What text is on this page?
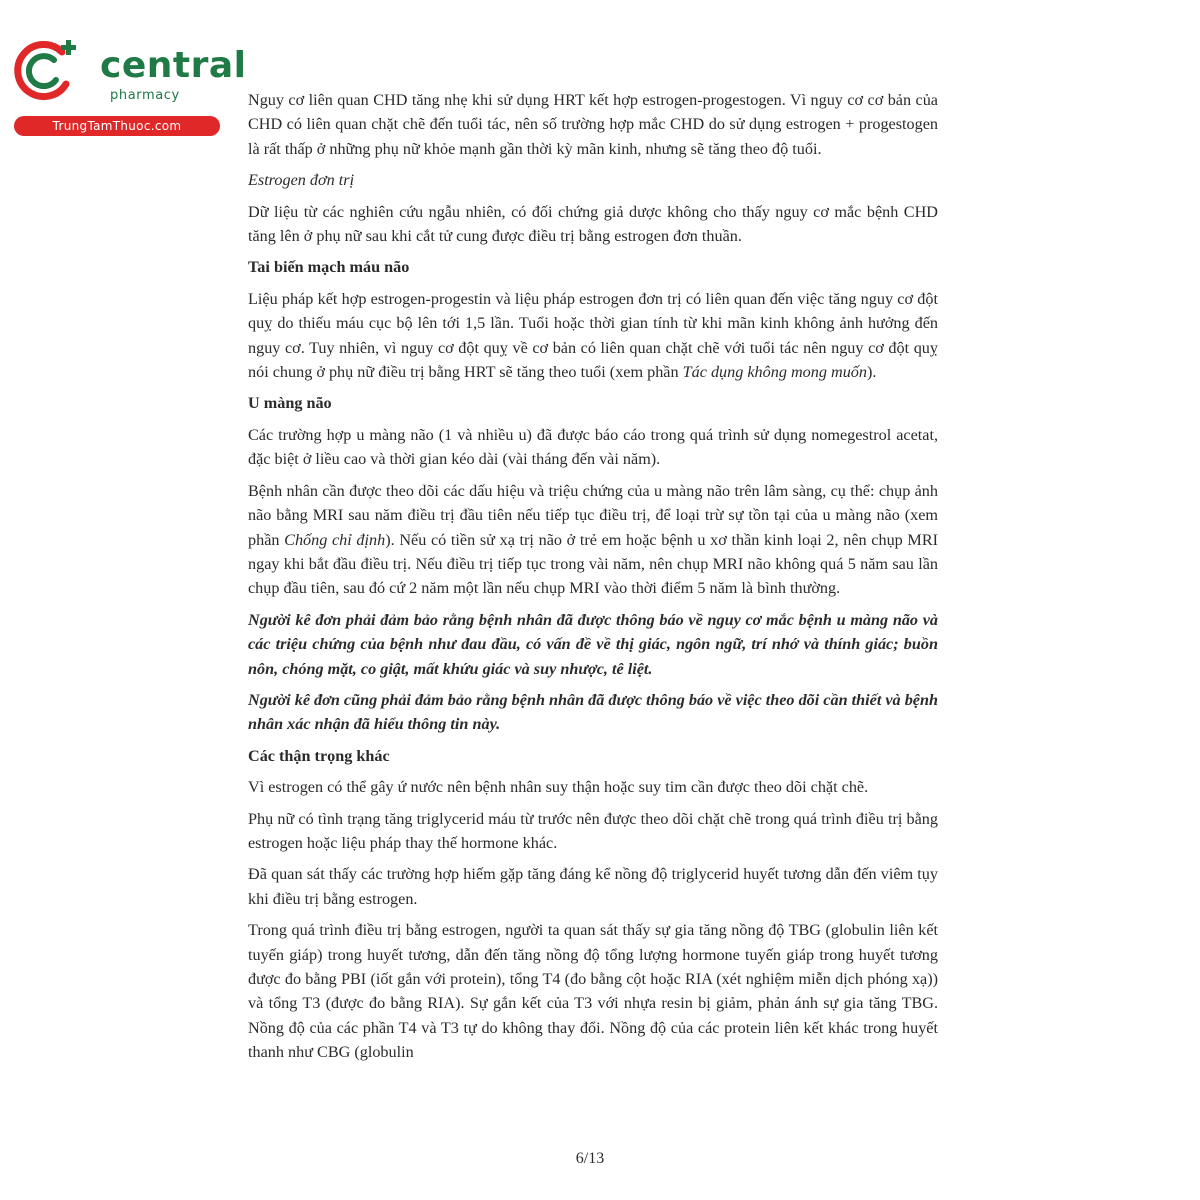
central
pharmacy
TrungTamThuoc.com

Nguy cơ liên quan CHD tăng nhẹ khi sử dụng HRT kết hợp estrogen-progestogen. Vì nguy cơ cơ bản của CHD có liên quan chặt chẽ đến tuổi tác, nên số trường hợp mắc CHD do sử dụng estrogen + progestogen là rất thấp ở những phụ nữ khỏe mạnh gần thời kỳ mãn kinh, nhưng sẽ tăng theo độ tuổi.

Estrogen đơn trị

Dữ liệu từ các nghiên cứu ngẫu nhiên, có đối chứng giả dược không cho thấy nguy cơ mắc bệnh CHD tăng lên ở phụ nữ sau khi cắt tử cung được điều trị bằng estrogen đơn thuần.

Tai biến mạch máu não

Liệu pháp kết hợp estrogen-progestin và liệu pháp estrogen đơn trị có liên quan đến việc tăng nguy cơ đột quỵ do thiếu máu cục bộ lên tới 1,5 lần. Tuổi hoặc thời gian tính từ khi mãn kinh không ảnh hưởng đến nguy cơ. Tuy nhiên, vì nguy cơ đột quỵ về cơ bản có liên quan chặt chẽ với tuổi tác nên nguy cơ đột quỵ nói chung ở phụ nữ điều trị bằng HRT sẽ tăng theo tuổi (xem phần Tác dụng không mong muốn).

U màng não

Các trường hợp u màng não (1 và nhiều u) đã được báo cáo trong quá trình sử dụng nomegestrol acetat, đặc biệt ở liều cao và thời gian kéo dài (vài tháng đến vài năm).

Bệnh nhân cần được theo dõi các dấu hiệu và triệu chứng của u màng não trên lâm sàng, cụ thể: chụp ảnh não bằng MRI sau năm điều trị đầu tiên nếu tiếp tục điều trị, để loại trừ sự tồn tại của u màng não (xem phần Chống chỉ định). Nếu có tiền sử xạ trị não ở trẻ em hoặc bệnh u xơ thần kinh loại 2, nên chụp MRI ngay khi bắt đầu điều trị. Nếu điều trị tiếp tục trong vài năm, nên chụp MRI não không quá 5 năm sau lần chụp đầu tiên, sau đó cứ 2 năm một lần nếu chụp MRI vào thời điểm 5 năm là bình thường.

Người kê đơn phải đảm bảo rằng bệnh nhân đã được thông báo về nguy cơ mắc bệnh u màng não và các triệu chứng của bệnh như đau đầu, có vấn đề về thị giác, ngôn ngữ, trí nhớ và thính giác; buồn nôn, chóng mặt, co giật, mất khứu giác và suy nhược, tê liệt.

Người kê đơn cũng phải đảm bảo rằng bệnh nhân đã được thông báo về việc theo dõi cần thiết và bệnh nhân xác nhận đã hiểu thông tin này.

Các thận trọng khác

Vì estrogen có thể gây ứ nước nên bệnh nhân suy thận hoặc suy tim cần được theo dõi chặt chẽ.

Phụ nữ có tình trạng tăng triglycerid máu từ trước nên được theo dõi chặt chẽ trong quá trình điều trị bằng estrogen hoặc liệu pháp thay thế hormone khác.

Đã quan sát thấy các trường hợp hiếm gặp tăng đáng kể nồng độ triglycerid huyết tương dẫn đến viêm tụy khi điều trị bằng estrogen.

Trong quá trình điều trị bằng estrogen, người ta quan sát thấy sự gia tăng nồng độ TBG (globulin liên kết tuyến giáp) trong huyết tương, dẫn đến tăng nồng độ tổng lượng hormone tuyến giáp trong huyết tương được đo bằng PBI (iốt gắn với protein), tổng T4 (đo bằng cột hoặc RIA (xét nghiệm miễn dịch phóng xạ)) và tổng T3 (được đo bằng RIA). Sự gắn kết của T3 với nhựa resin bị giảm, phản ánh sự gia tăng TBG. Nồng độ của các phần T4 và T3 tự do không thay đổi. Nồng độ của các protein liên kết khác trong huyết thanh như CBG (globulin

6/13
